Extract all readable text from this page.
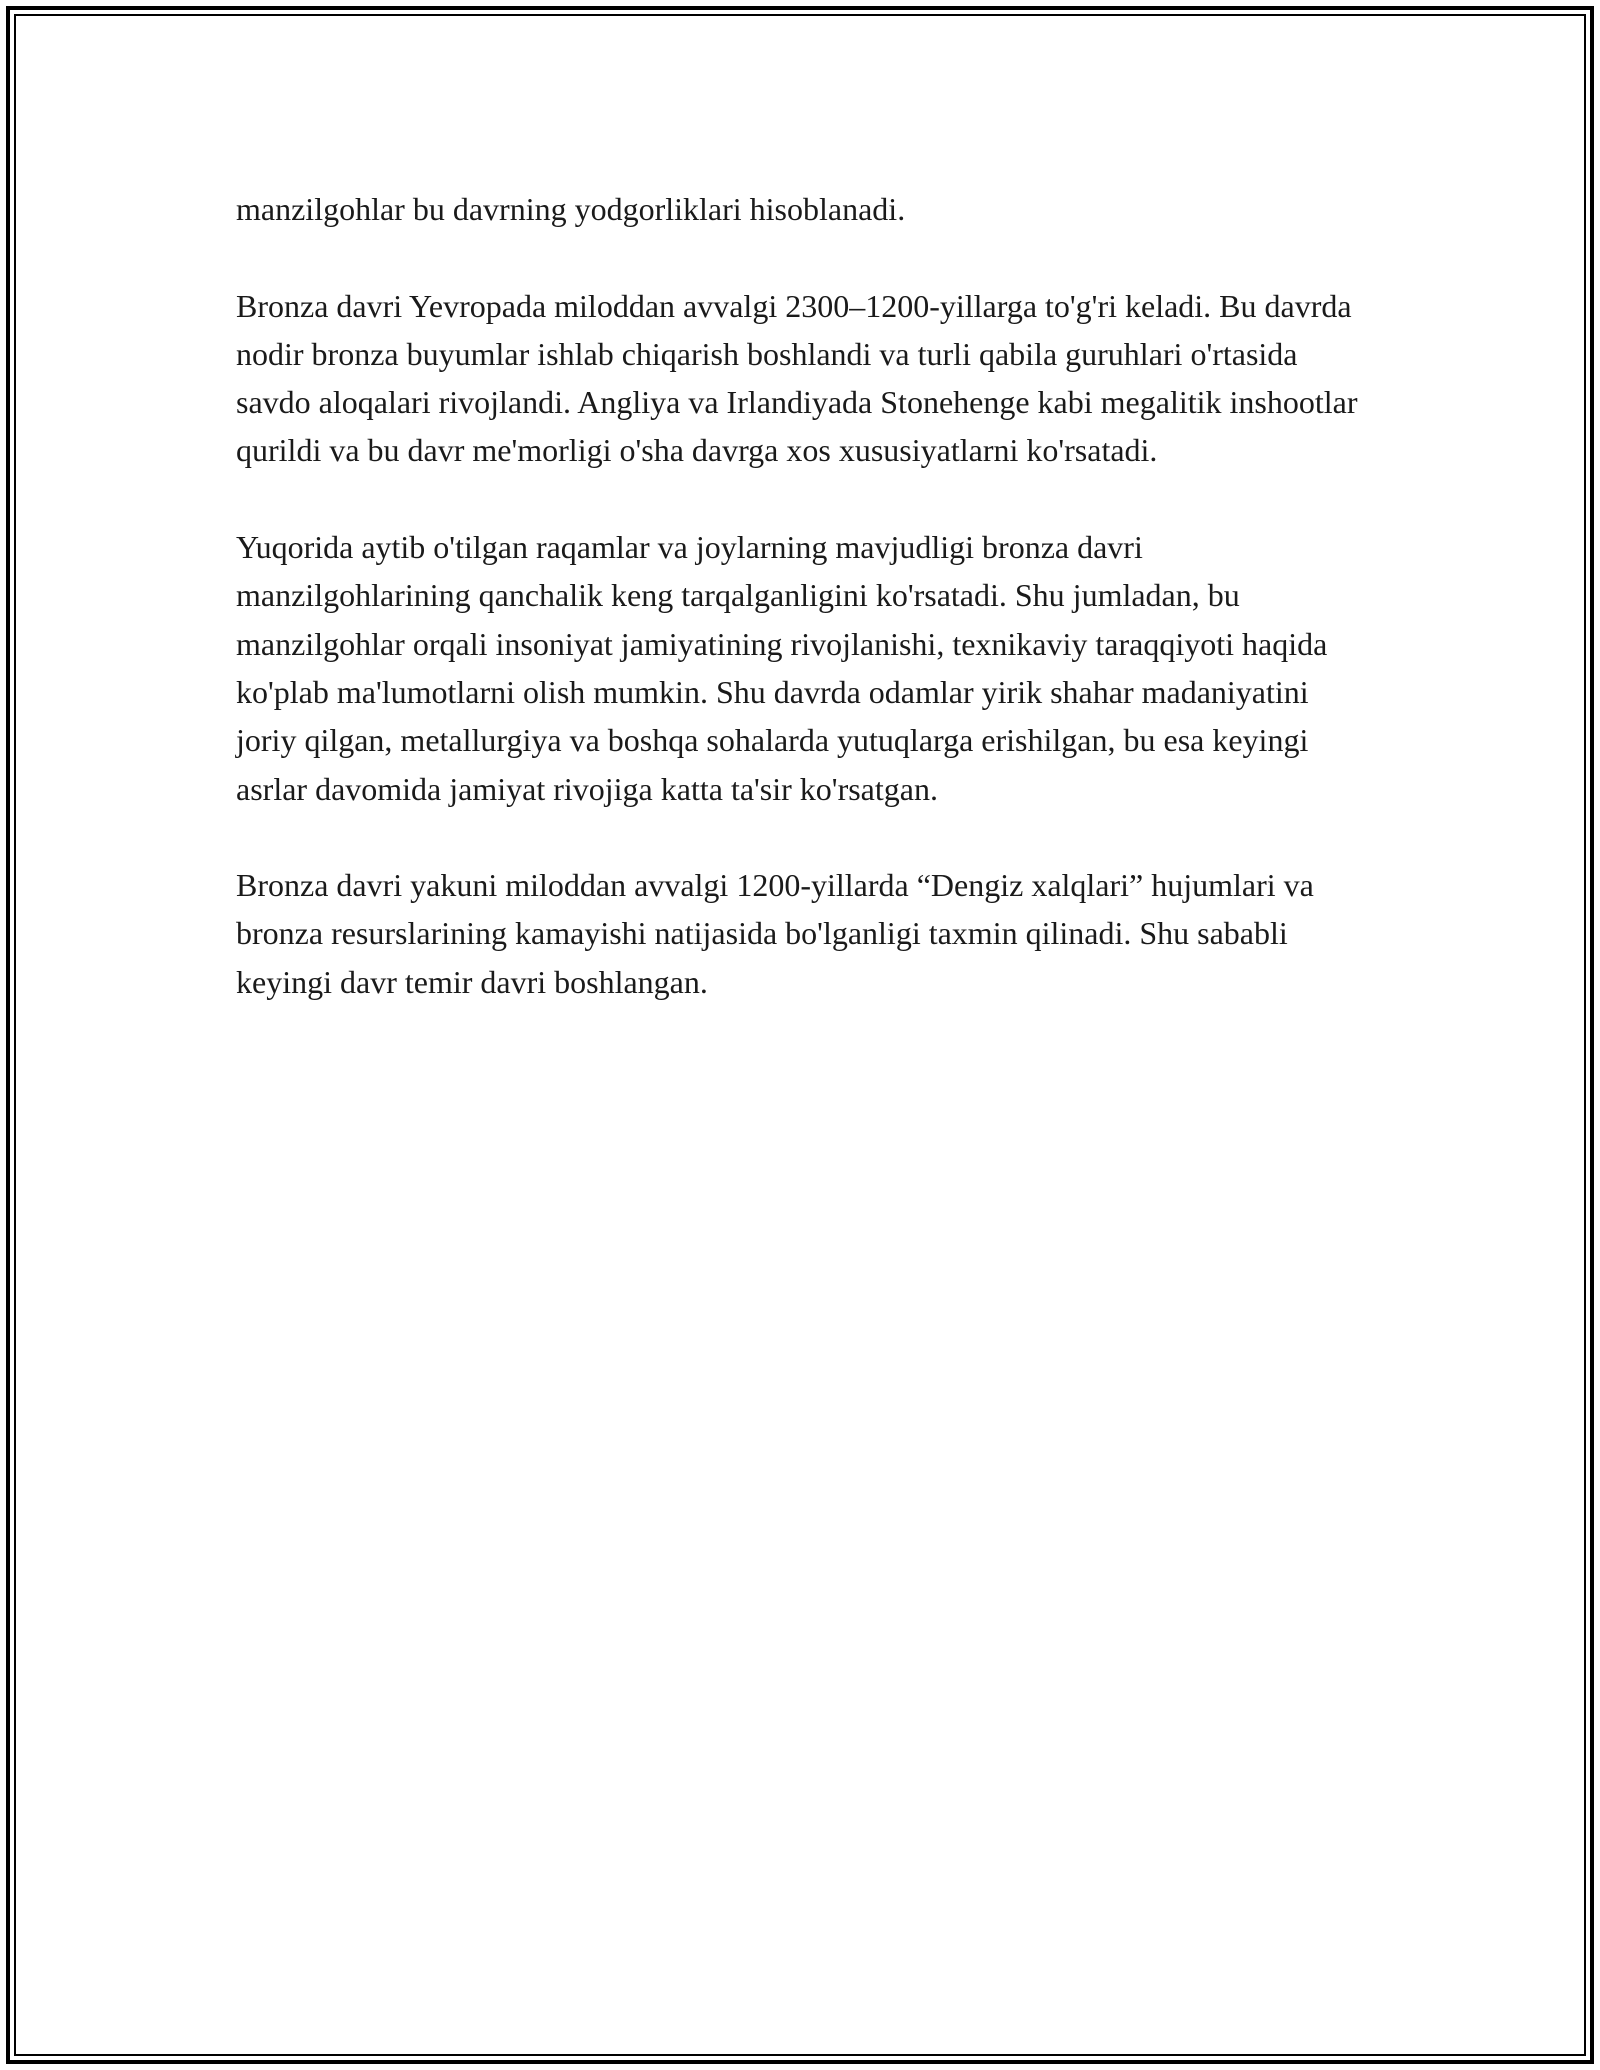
manzilgohlar bu davrning yodgorliklari hisoblanadi.

Bronza davri Yevropada miloddan avvalgi 2300–1200-yillarga to'g'ri keladi. Bu davrda nodir bronza buyumlar ishlab chiqarish boshlandi va turli qabila guruhlari o'rtasida savdo aloqalari rivojlandi. Angliya va Irlandiyada Stonehenge kabi megalitik inshootlar qurildi va bu davr me'morligi o'sha davrga xos xususiyatlarni ko'rsatadi.

Yuqorida aytib o'tilgan raqamlar va joylarning mavjudligi bronza davri manzilgohlarining qanchalik keng tarqalganligini ko'rsatadi. Shu jumladan, bu manzilgohlar orqali insoniyat jamiyatining rivojlanishi, texnikaviy taraqqiyoti haqida ko'plab ma'lumotlarni olish mumkin. Shu davrda odamlar yirik shahar madaniyatini joriy qilgan, metallurgiya va boshqa sohalarda yutuqlarga erishilgan, bu esa keyingi asrlar davomida jamiyat rivojiga katta ta'sir ko'rsatgan.

Bronza davri yakuni miloddan avvalgi 1200-yillarda “Dengiz xalqlari” hujumlari va bronza resurslarining kamayishi natijasida bo'lganligi taxmin qilinadi. Shu sababli keyingi davr temir davri boshlangan.
